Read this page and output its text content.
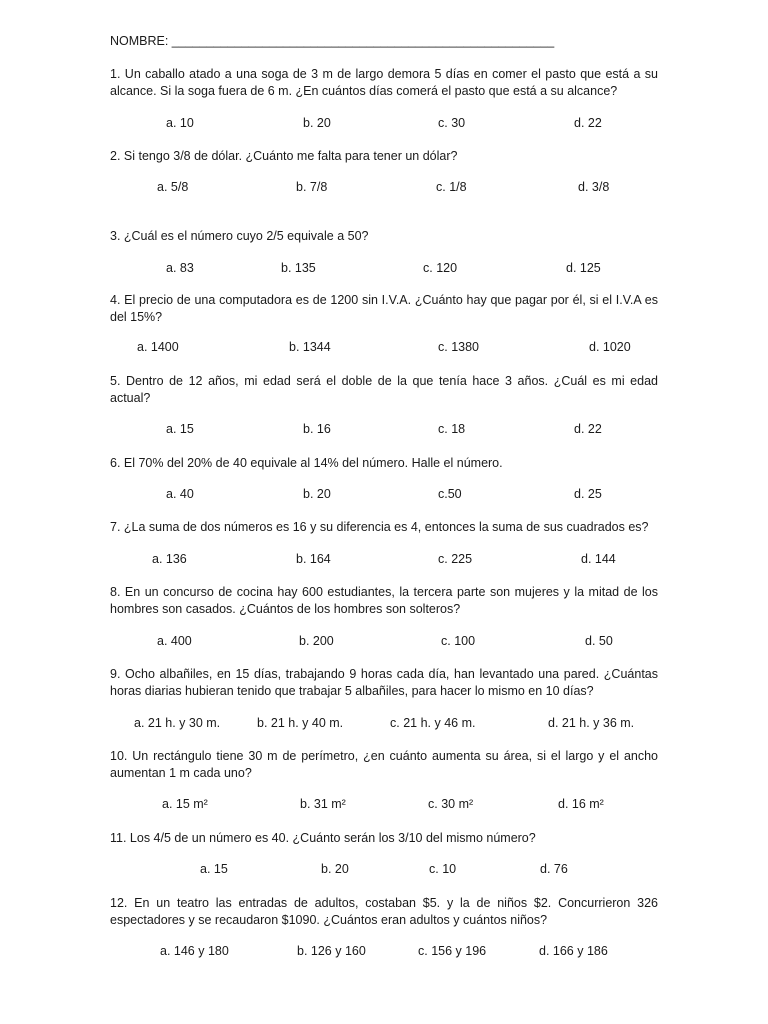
NOMBRE: _______________________________________________________
1. Un caballo atado a una soga de 3 m de largo demora 5 días en comer el pasto que está a su alcance. Si la soga fuera de 6 m. ¿En cuántos días comerá el pasto que está a su alcance?
a. 10	b. 20	c. 30	d. 22
2. Si tengo 3/8 de dólar. ¿Cuánto me falta para tener un dólar?
a. 5/8	b. 7/8	c. 1/8	d. 3/8
3. ¿Cuál es el número cuyo 2/5 equivale a 50?
a. 83	b. 135	c. 120	d. 125
4. El precio de una computadora es de 1200 sin I.V.A. ¿Cuánto hay que pagar por él, si el I.V.A es del 15%?
a. 1400	b. 1344	c. 1380	d. 1020
5. Dentro de 12 años, mi edad será el doble de la que tenía hace 3 años. ¿Cuál es mi edad actual?
a. 15	b. 16	c. 18	d. 22
6. El 70% del 20% de 40 equivale al 14% del número. Halle el número.
a. 40	b. 20	c.50	d. 25
7. ¿La suma de dos números es 16 y su diferencia es 4, entonces la suma de sus cuadrados es?
a. 136	b. 164	c. 225	d. 144
8. En un concurso de cocina hay 600 estudiantes, la tercera parte son mujeres y la mitad de los hombres son casados. ¿Cuántos de los hombres son solteros?
a. 400	b. 200	c. 100	d. 50
9. Ocho albañiles, en 15 días, trabajando 9 horas cada día, han levantado una pared. ¿Cuántas horas diarias hubieran tenido que trabajar 5 albañiles, para hacer lo mismo en 10 días?
a. 21 h. y 30 m.	b. 21 h. y 40 m.	c. 21 h. y 46 m.	d. 21 h. y 36 m.
10. Un rectángulo tiene 30 m de perímetro, ¿en cuánto aumenta su área, si el largo y el ancho aumentan 1 m cada uno?
a. 15 m²	b. 31 m²	c. 30 m²	d. 16 m²
11. Los 4/5 de un número es 40. ¿Cuánto serán los 3/10 del mismo número?
a. 15	b. 20	c. 10	d. 76
12. En un teatro las entradas de adultos, costaban $5. y la de niños $2. Concurrieron 326 espectadores y se recaudaron $1090. ¿Cuántos eran adultos y cuántos niños?
a. 146 y 180	b. 126 y 160	c. 156 y 196	d. 166 y 186
